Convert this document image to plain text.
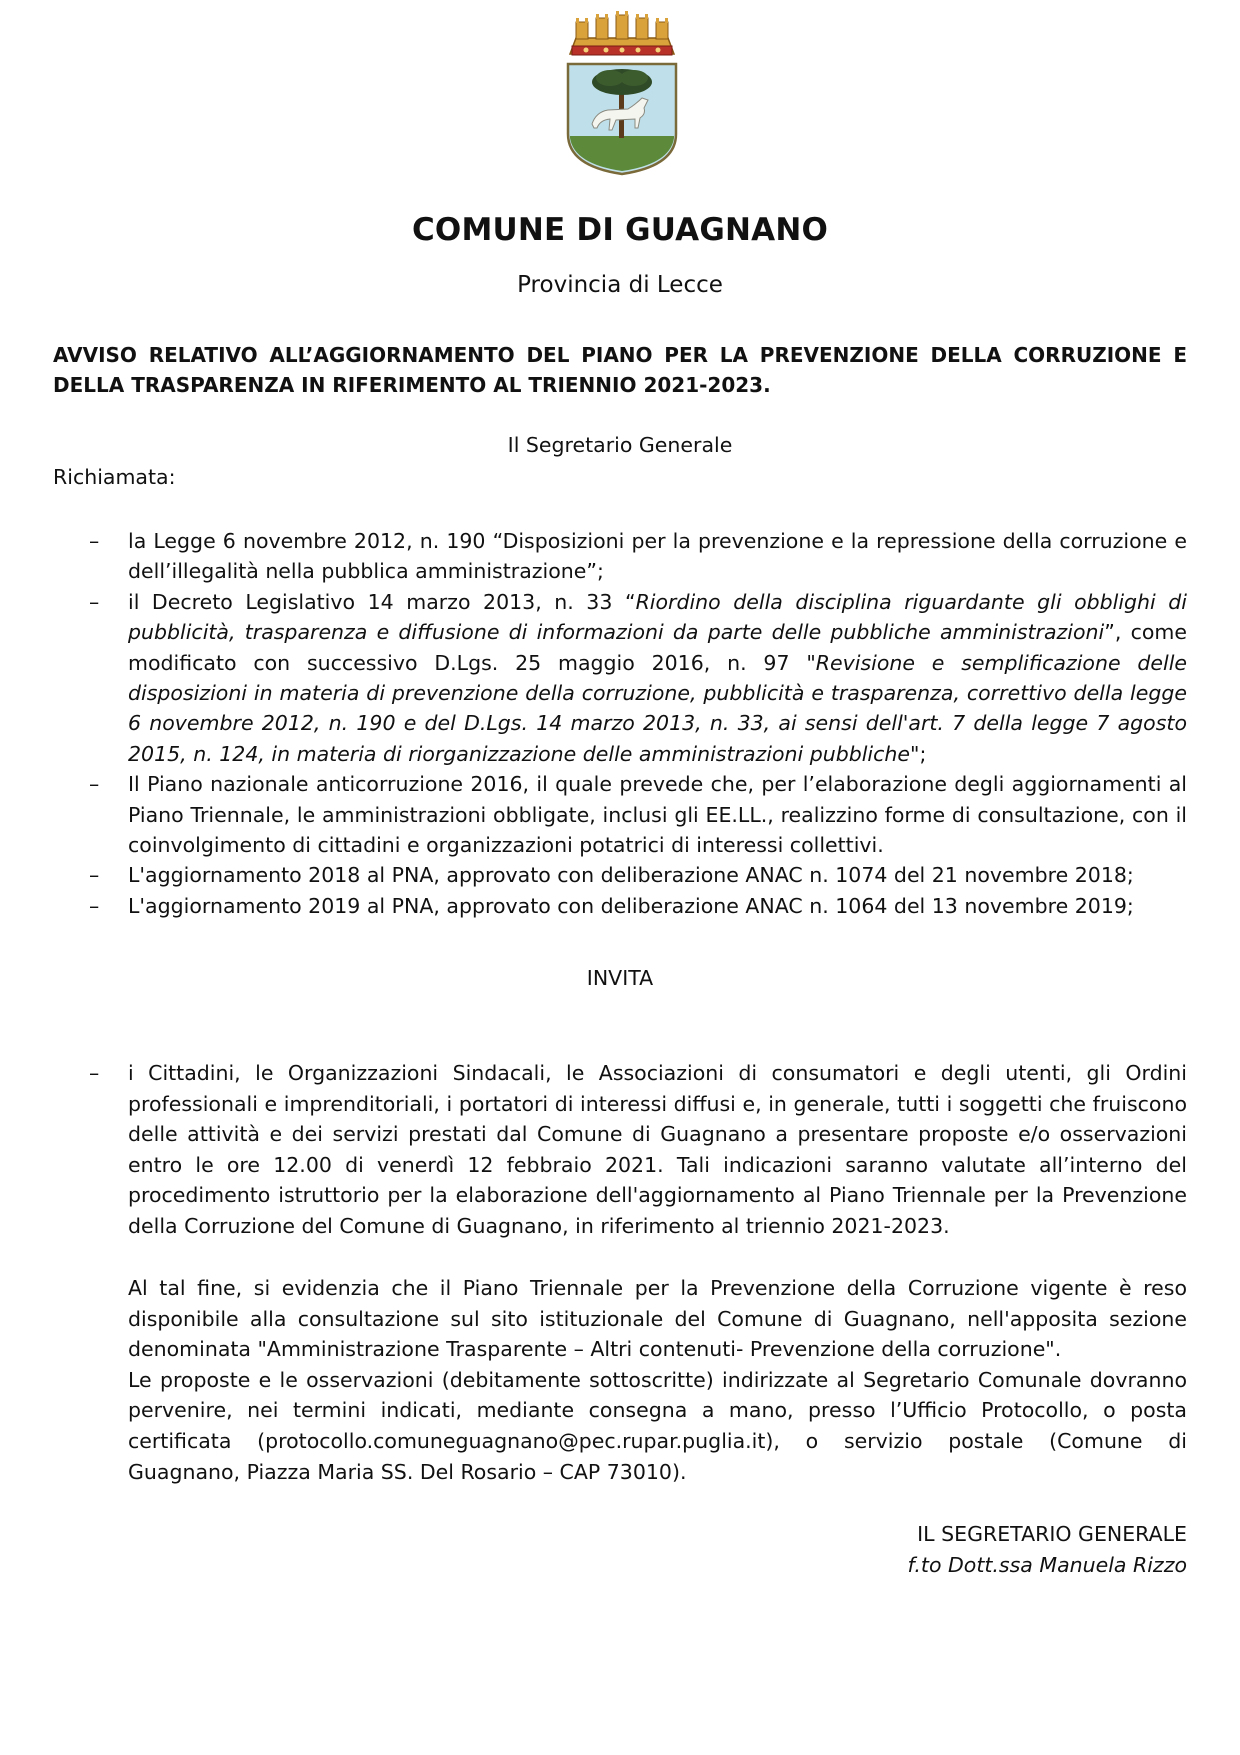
COMUNE DI GUAGNANO
Provincia di Lecce
AVVISO RELATIVO ALL’AGGIORNAMENTO DEL PIANO PER LA PREVENZIONE DELLA CORRUZIONE E DELLA TRASPARENZA IN RIFERIMENTO AL TRIENNIO 2021-2023.
Il Segretario Generale
Richiamata:
– la Legge 6 novembre 2012, n. 190 “Disposizioni per la prevenzione e la repressione della corruzione e dell’illegalità nella pubblica amministrazione”;
– il Decreto Legislativo 14 marzo 2013, n. 33 “Riordino della disciplina riguardante gli obblighi di pubblicità, trasparenza e diffusione di informazioni da parte delle pubbliche amministrazioni”, come modificato con successivo D.Lgs. 25 maggio 2016, n. 97 "Revisione e semplificazione delle disposizioni in materia di prevenzione della corruzione, pubblicità e trasparenza, correttivo della legge 6 novembre 2012, n. 190 e del D.Lgs. 14 marzo 2013, n. 33, ai sensi dell'art. 7 della legge 7 agosto 2015, n. 124, in materia di riorganizzazione delle amministrazioni pubbliche";
– Il Piano nazionale anticorruzione 2016, il quale prevede che, per l’elaborazione degli aggiornamenti al Piano Triennale, le amministrazioni obbligate, inclusi gli EE.LL., realizzino forme di consultazione, con il coinvolgimento di cittadini e organizzazioni potatrici di interessi collettivi.
– L'aggiornamento 2018 al PNA, approvato con deliberazione ANAC n. 1074 del 21 novembre 2018;
– L'aggiornamento 2019 al PNA, approvato con deliberazione ANAC n. 1064 del 13 novembre 2019;
INVITA
– i Cittadini, le Organizzazioni Sindacali, le Associazioni di consumatori e degli utenti, gli Ordini professionali e imprenditoriali, i portatori di interessi diffusi e, in generale, tutti i soggetti che fruiscono delle attività e dei servizi prestati dal Comune di Guagnano a presentare proposte e/o osservazioni entro le ore 12.00 di venerdì 12 febbraio 2021. Tali indicazioni saranno valutate all’interno del procedimento istruttorio per la elaborazione dell'aggiornamento al Piano Triennale per la Prevenzione della Corruzione del Comune di Guagnano, in riferimento al triennio 2021-2023.

Al tal fine, si evidenzia che il Piano Triennale per la Prevenzione della Corruzione vigente è reso disponibile alla consultazione sul sito istituzionale del Comune di Guagnano, nell'apposita sezione denominata "Amministrazione Trasparente – Altri contenuti- Prevenzione della corruzione".

Le proposte e le osservazioni (debitamente sottoscritte) indirizzate al Segretario Comunale dovranno pervenire, nei termini indicati, mediante consegna a mano, presso l’Ufficio Protocollo, o posta certificata (protocollo.comuneguagnano@pec.rupar.puglia.it), o servizio postale (Comune di Guagnano, Piazza Maria SS. Del Rosario – CAP 73010).

IL SEGRETARIO GENERALE
f.to Dott.ssa Manuela Rizzo
